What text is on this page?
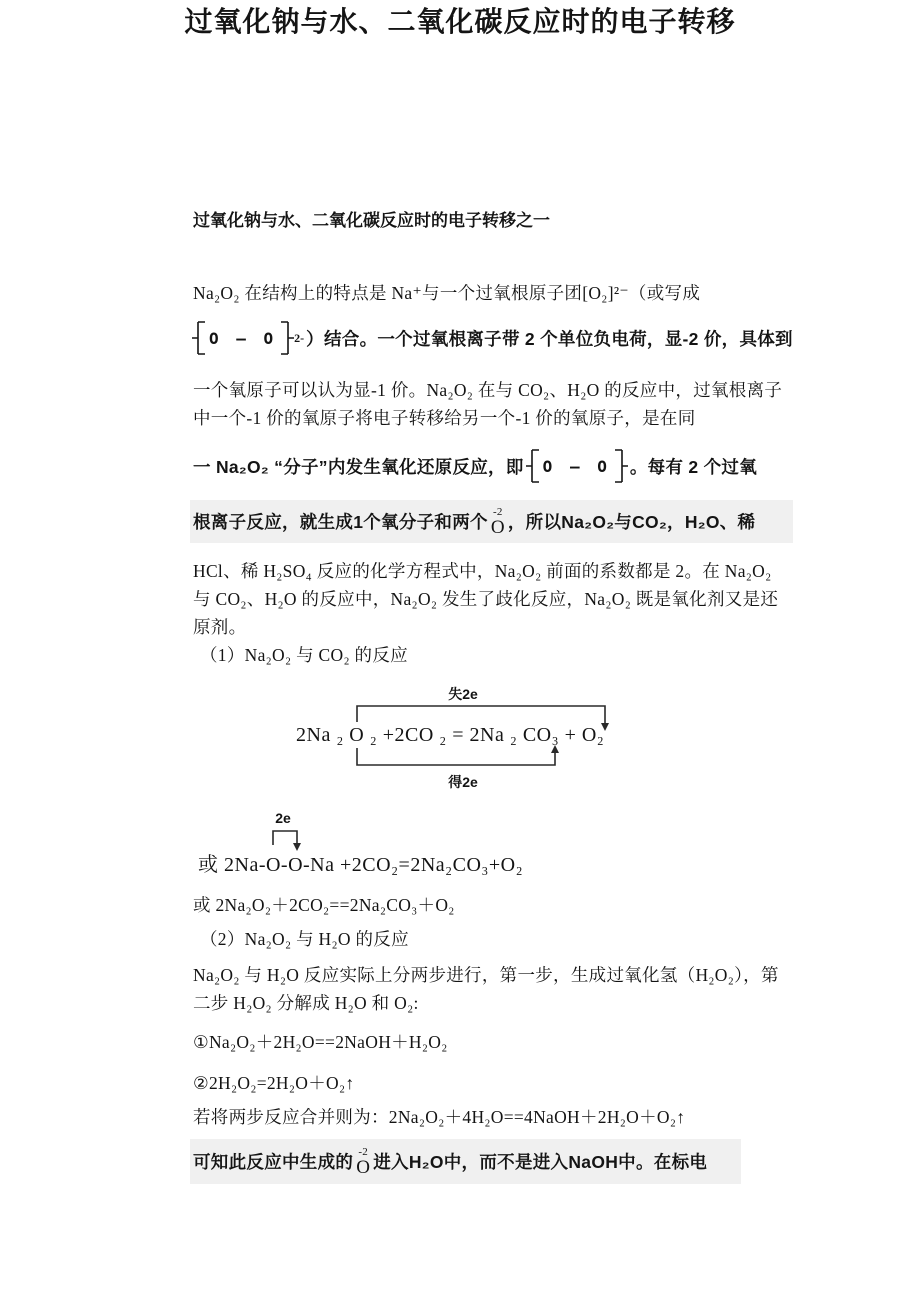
过氧化钠与水、二氧化碳反应时的电子转移
过氧化钠与水、二氧化碳反应时的电子转移之一
Na₂O₂ 在结构上的特点是 Na⁺与一个过氧根原子团[O₂]²⁻（或写成
O – O 2- ）结合。一个过氧根离子带 2 个单位负电荷，显-2 价，具体到
一个氧原子可以认为显-1 价。Na₂O₂ 在与 CO₂、H₂O 的反应中，过氧根离子
中一个-1 价的氧原子将电子转移给另一个-1 价的氧原子，是在同
一 Na₂O₂ “分子”内发生氧化还原反应，即 O – O 。每有 2 个过氧
根离子反应，就生成1个氧分子和两个
-2
O ，所以Na₂O₂与CO₂，H₂O、稀
HCl、稀 H₂SO₄ 反应的化学方程式中，Na₂O₂ 前面的系数都是 2。在 Na₂O₂
与 CO₂、H₂O 的反应中，Na₂O₂ 发生了歧化反应，Na₂O₂ 既是氧化剂又是还
原剂。
（1）Na₂O₂ 与 CO₂ 的反应
失2e
2Na ₂ O ₂ +2CO ₂ = 2Na ₂ CO₃ + O₂
得2e
2e
或 2Na-O-O-Na +2CO₂=2Na₂CO₃+O₂
或 2Na₂O₂＋2CO₂==2Na₂CO₃＋O₂
（2）Na₂O₂ 与 H₂O 的反应
Na₂O₂ 与 H₂O 反应实际上分两步进行，第一步，生成过氧化氢（H₂O₂），第
二步 H₂O₂ 分解成 H₂O 和 O₂:
①Na₂O₂＋2H₂O==2NaOH＋H₂O₂
②2H₂O₂=2H₂O＋O₂↑
若将两步反应合并则为：2Na₂O₂＋4H₂O==4NaOH＋2H₂O＋O₂↑
可知此反应中生成的
-2
O 进入H₂O中，而不是进入NaOH中。在标电
